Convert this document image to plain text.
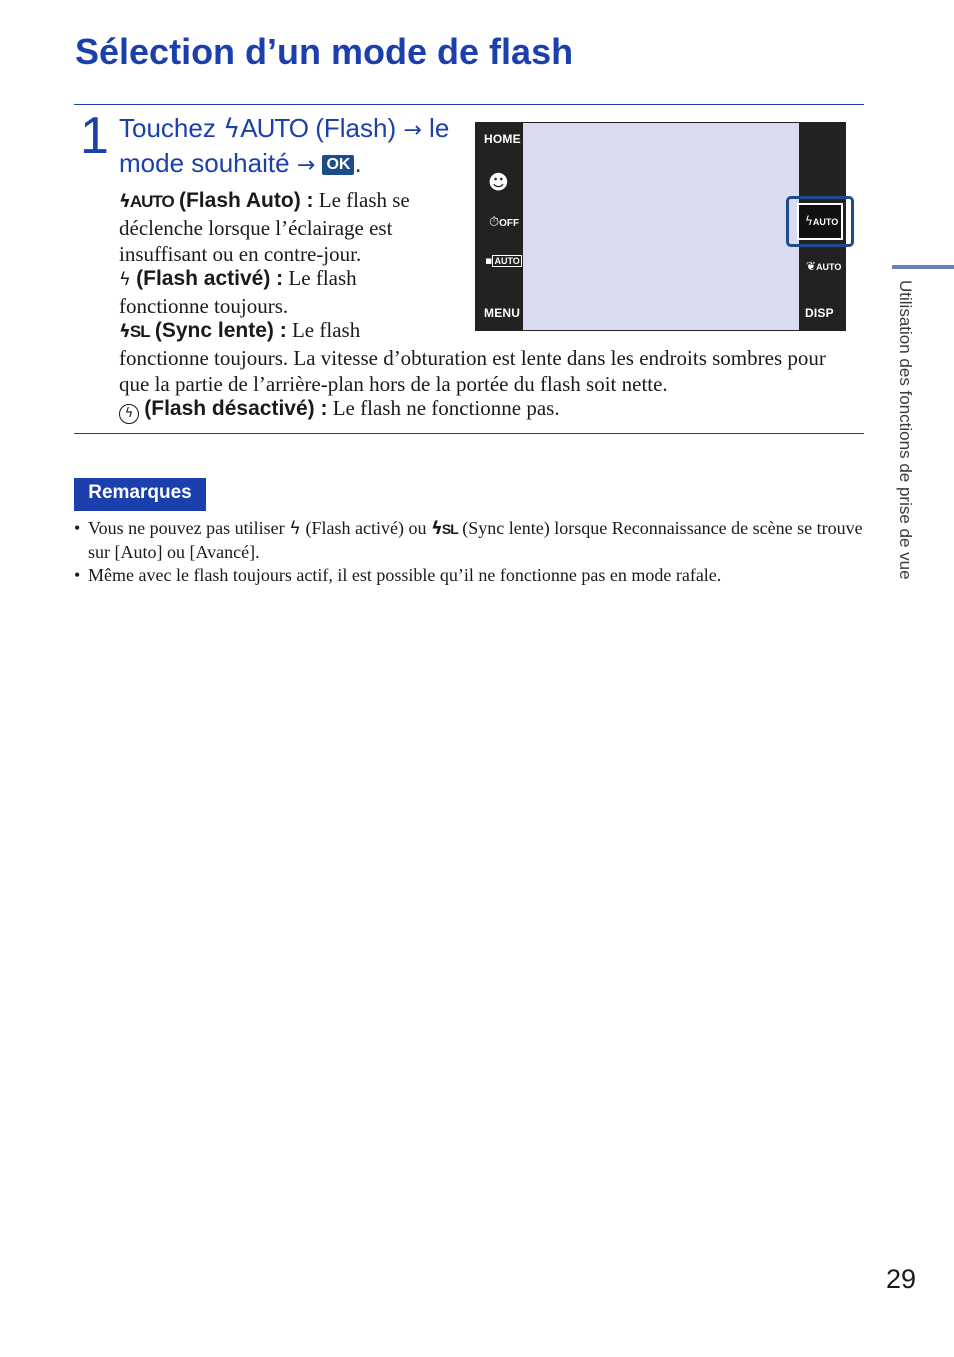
Sélection d’un mode de flash
1 Touchez ϟAUTO (Flash) → le
mode souhaité → OK .
ϟAUTO (Flash Auto) : Le flash se déclenche lorsque l’éclairage est insuffisant ou en contre-jour.
ϟ (Flash activé) : Le flash fonctionne toujours.
ϟSL (Sync lente) : Le flash
fonctionne toujours. La vitesse d’obturation est lente dans les endroits sombres pour que la partie de l’arrière-plan hors de la portée du flash soit nette.
ϟ (Flash désactivé) : Le flash ne fonctionne pas.
HOME
☻
⏱OFF
▪ AUTO
MENU
ϟAUTO
❦AUTO
DISP
Remarques
• Vous ne pouvez pas utiliser ϟ (Flash activé) ou ϟSL (Sync lente) lorsque Reconnaissance de scène se trouve sur [Auto] ou [Avancé].
• Même avec le flash toujours actif, il est possible qu’il ne fonctionne pas en mode rafale.	Utilisation des fonctions de prise de vue
29
